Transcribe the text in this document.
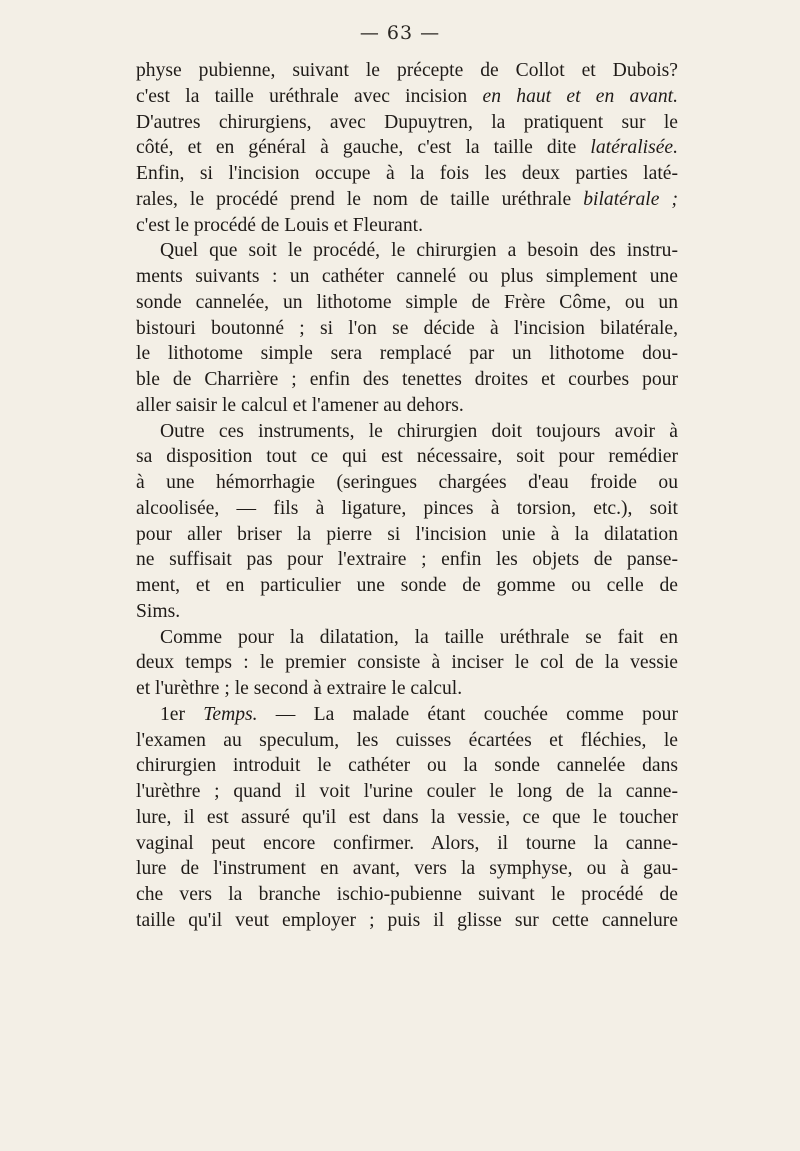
— 63 —
physe pubienne, suivant le précepte de Collot et Dubois?
c'est la taille uréthrale avec incision en haut et en avant.
D'autres chirurgiens, avec Dupuytren, la pratiquent sur le
côté, et en général à gauche, c'est la taille dite latéralisée.
Enfin, si l'incision occupe à la fois les deux parties laté-
rales, le procédé prend le nom de taille uréthrale bilatérale ;
c'est le procédé de Louis et Fleurant.
Quel que soit le procédé, le chirurgien a besoin des instru-
ments suivants : un cathéter cannelé ou plus simplement une
sonde cannelée, un lithotome simple de Frère Côme, ou un
bistouri boutonné ; si l'on se décide à l'incision bilatérale,
le lithotome simple sera remplacé par un lithotome dou-
ble de Charrière ; enfin des tenettes droites et courbes pour
aller saisir le calcul et l'amener au dehors.
Outre ces instruments, le chirurgien doit toujours avoir à
sa disposition tout ce qui est nécessaire, soit pour remédier
à une hémorrhagie (seringues chargées d'eau froide ou
alcoolisée, — fils à ligature, pinces à torsion, etc.), soit
pour aller briser la pierre si l'incision unie à la dilatation
ne suffisait pas pour l'extraire ; enfin les objets de panse-
ment, et en particulier une sonde de gomme ou celle de
Sims.
Comme pour la dilatation, la taille uréthrale se fait en
deux temps : le premier consiste à inciser le col de la vessie
et l'urèthre ; le second à extraire le calcul.
1er Temps. — La malade étant couchée comme pour
l'examen au speculum, les cuisses écartées et fléchies, le
chirurgien introduit le cathéter ou la sonde cannelée dans
l'urèthre ; quand il voit l'urine couler le long de la canne-
lure, il est assuré qu'il est dans la vessie, ce que le toucher
vaginal peut encore confirmer. Alors, il tourne la canne-
lure de l'instrument en avant, vers la symphyse, ou à gau-
che vers la branche ischio-pubienne suivant le procédé de
taille qu'il veut employer ; puis il glisse sur cette cannelure
